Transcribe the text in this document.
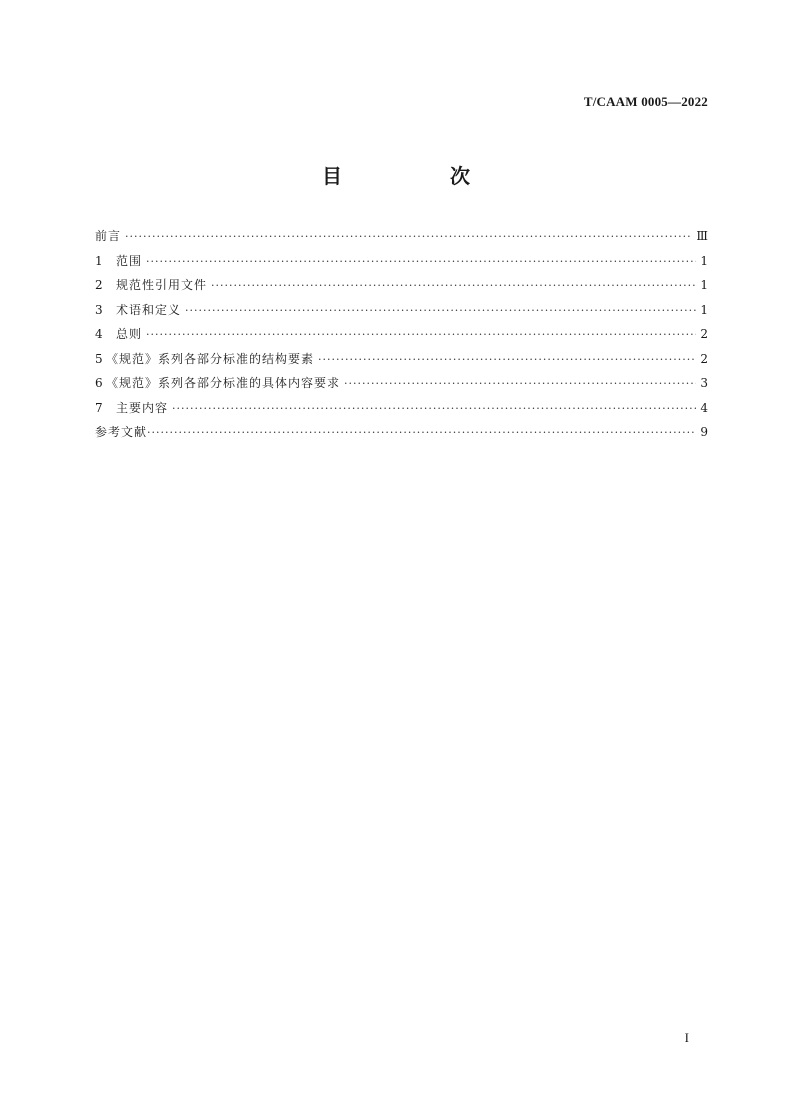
T/CAAM 0005—2022
目　次
前言 ·····	Ⅲ
1	范围 ·····	1
2	规范性引用文件 ·····	1
3	术语和定义 ·····	1
4	总则 ·····	2
5 《规范》系列各部分标准的结构要素 ·····	2
6 《规范》系列各部分标准的具体内容要求 ·····	3
7	主要内容 ·····	4
参考文献 ·····	9
I
